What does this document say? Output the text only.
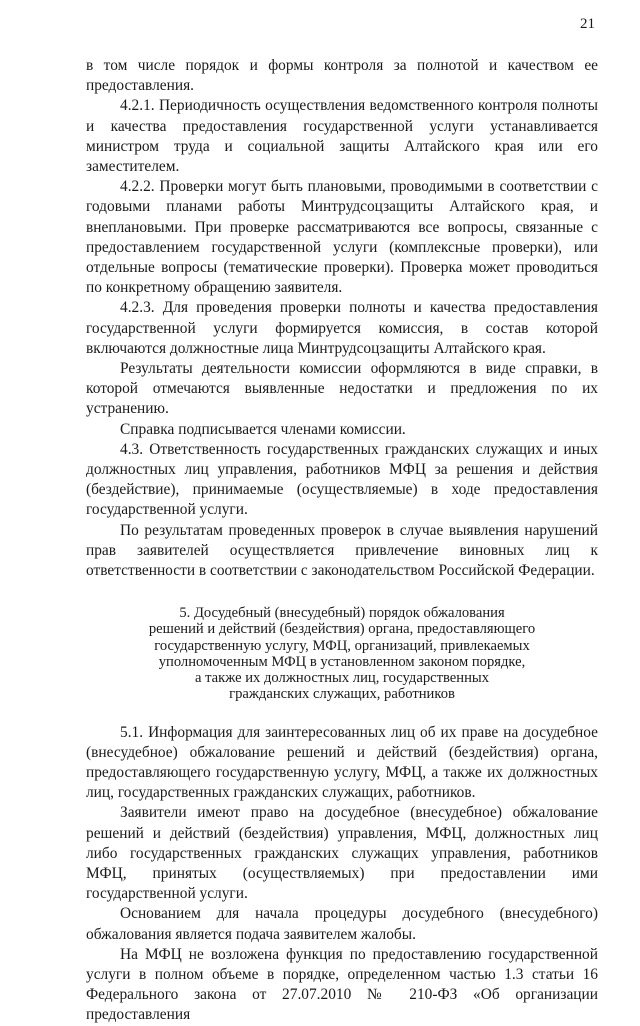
21

в том числе порядок и формы контроля за полнотой и качеством ее предоставления.

4.2.1. Периодичность осуществления ведомственного контроля полноты и качества предоставления государственной услуги устанавливается министром труда и социальной защиты Алтайского края или его заместителем.

4.2.2. Проверки могут быть плановыми, проводимыми в соответствии с годовыми планами работы Минтрудсоцзащиты Алтайского края, и внеплановыми. При проверке рассматриваются все вопросы, связанные с предоставлением государственной услуги (комплексные проверки), или отдельные вопросы (тематические проверки). Проверка может проводиться по конкретному обращению заявителя.

4.2.3. Для проведения проверки полноты и качества предоставления государственной услуги формируется комиссия, в состав которой включаются должностные лица Минтрудсоцзащиты Алтайского края.

Результаты деятельности комиссии оформляются в виде справки, в которой отмечаются выявленные недостатки и предложения по их устранению.

Справка подписывается членами комиссии.

4.3. Ответственность государственных гражданских служащих и иных должностных лиц управления, работников МФЦ за решения и действия (бездействие), принимаемые (осуществляемые) в ходе предоставления государственной услуги.

По результатам проведенных проверок в случае выявления нарушений прав заявителей осуществляется привлечение виновных лиц к ответственности в соответствии с законодательством Российской Федерации.

5. Досудебный (внесудебный) порядок обжалования
решений и действий (бездействия) органа, предоставляющего
государственную услугу, МФЦ, организаций, привлекаемых
уполномоченным МФЦ в установленном законом порядке,
а также их должностных лиц, государственных
гражданских служащих, работников

5.1. Информация для заинтересованных лиц об их праве на досудебное (внесудебное) обжалование решений и действий (бездействия) органа, предоставляющего государственную услугу, МФЦ, а также их должностных лиц, государственных гражданских служащих, работников.

Заявители имеют право на досудебное (внесудебное) обжалование решений и действий (бездействия) управления, МФЦ, должностных лиц либо государственных гражданских служащих управления, работников МФЦ, принятых (осуществляемых) при предоставлении ими государственной услуги.

Основанием для начала процедуры досудебного (внесудебного) обжалования является подача заявителем жалобы.

На МФЦ не возложена функция по предоставлению государственной услуги в полном объеме в порядке, определенном частью 1.3 статьи 16 Федерального закона от 27.07.2010 № 210-ФЗ «Об организации предоставления
